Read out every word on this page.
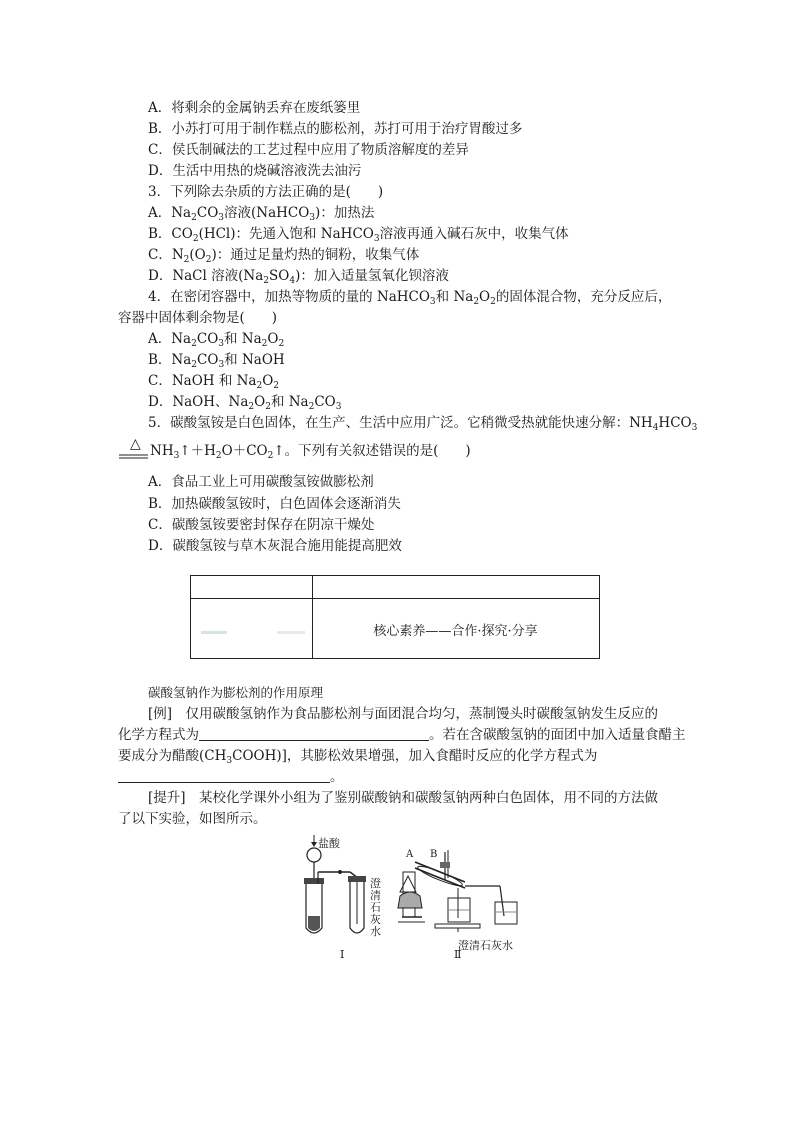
A．将剩余的金属钠丢弃在废纸篓里
B．小苏打可用于制作糕点的膨松剂，苏打可用于治疗胃酸过多
C．侯氏制碱法的工艺过程中应用了物质溶解度的差异
D．生活中用热的烧碱溶液洗去油污
3．下列除去杂质的方法正确的是(　　)
A．$Na_2CO_3$溶液(NaHCO$_3$)：加热法
B．$CO_2(HCl)$：先通入饱和 NaHCO$_3$溶液再通入碱石灰中，收集气体
C．$N_2(O_2)$：通过足量灼热的铜粉，收集气体
D．NaCl 溶液$(Na_2SO_4)$：加入适量氢氧化钡溶液
4．在密闭容器中，加热等物质的量的 NaHCO$_3$和 $Na_2O_2$的固体混合物，充分反应后，
容器中固体剩余物是(　　)
A．$Na_2CO_3$和 $Na_2O_2$
B．$Na_2CO_3$和 NaOH
C．NaOH 和 $Na_2O_2$
D．NaOH、$Na_2O_2$和 $Na_2CO_3$
5．碳酸氢铵是白色固体，在生产、生活中应用广泛。它稍微受热就能快速分解：$NH_4HCO_3$
△ $NH_3↑+H_2O+CO_2↑$。下列有关叙述错误的是(　　)
A．食品工业上可用碳酸氢铵做膨松剂
B．加热碳酸氢铵时，白色固体会逐渐消失
C．碳酸氢铵要密封保存在阴凉干燥处
D．碳酸氢铵与草木灰混合施用能提高肥效
核心素养——合作·探究·分享
碳酸氢钠作为膨松剂的作用原理
[例]　仅用碳酸氢钠作为食品膨松剂与面团混合均匀，蒸制馒头时碳酸氢钠发生反应的
化学方程式为	。若在含碳酸氢钠的面团中加入适量食醋主
要成分为醋酸$(CH_3COOH)$]，其膨松效果增强，加入食醋时反应的化学方程式为
。
[提升]　某校化学课外小组为了鉴别碳酸钠和碳酸氢钠两种白色固体，用不同的方法做
了以下实验，如图所示。
盐酸
澄清石灰水
A B
澄清石灰水
Ⅰ	Ⅱ
